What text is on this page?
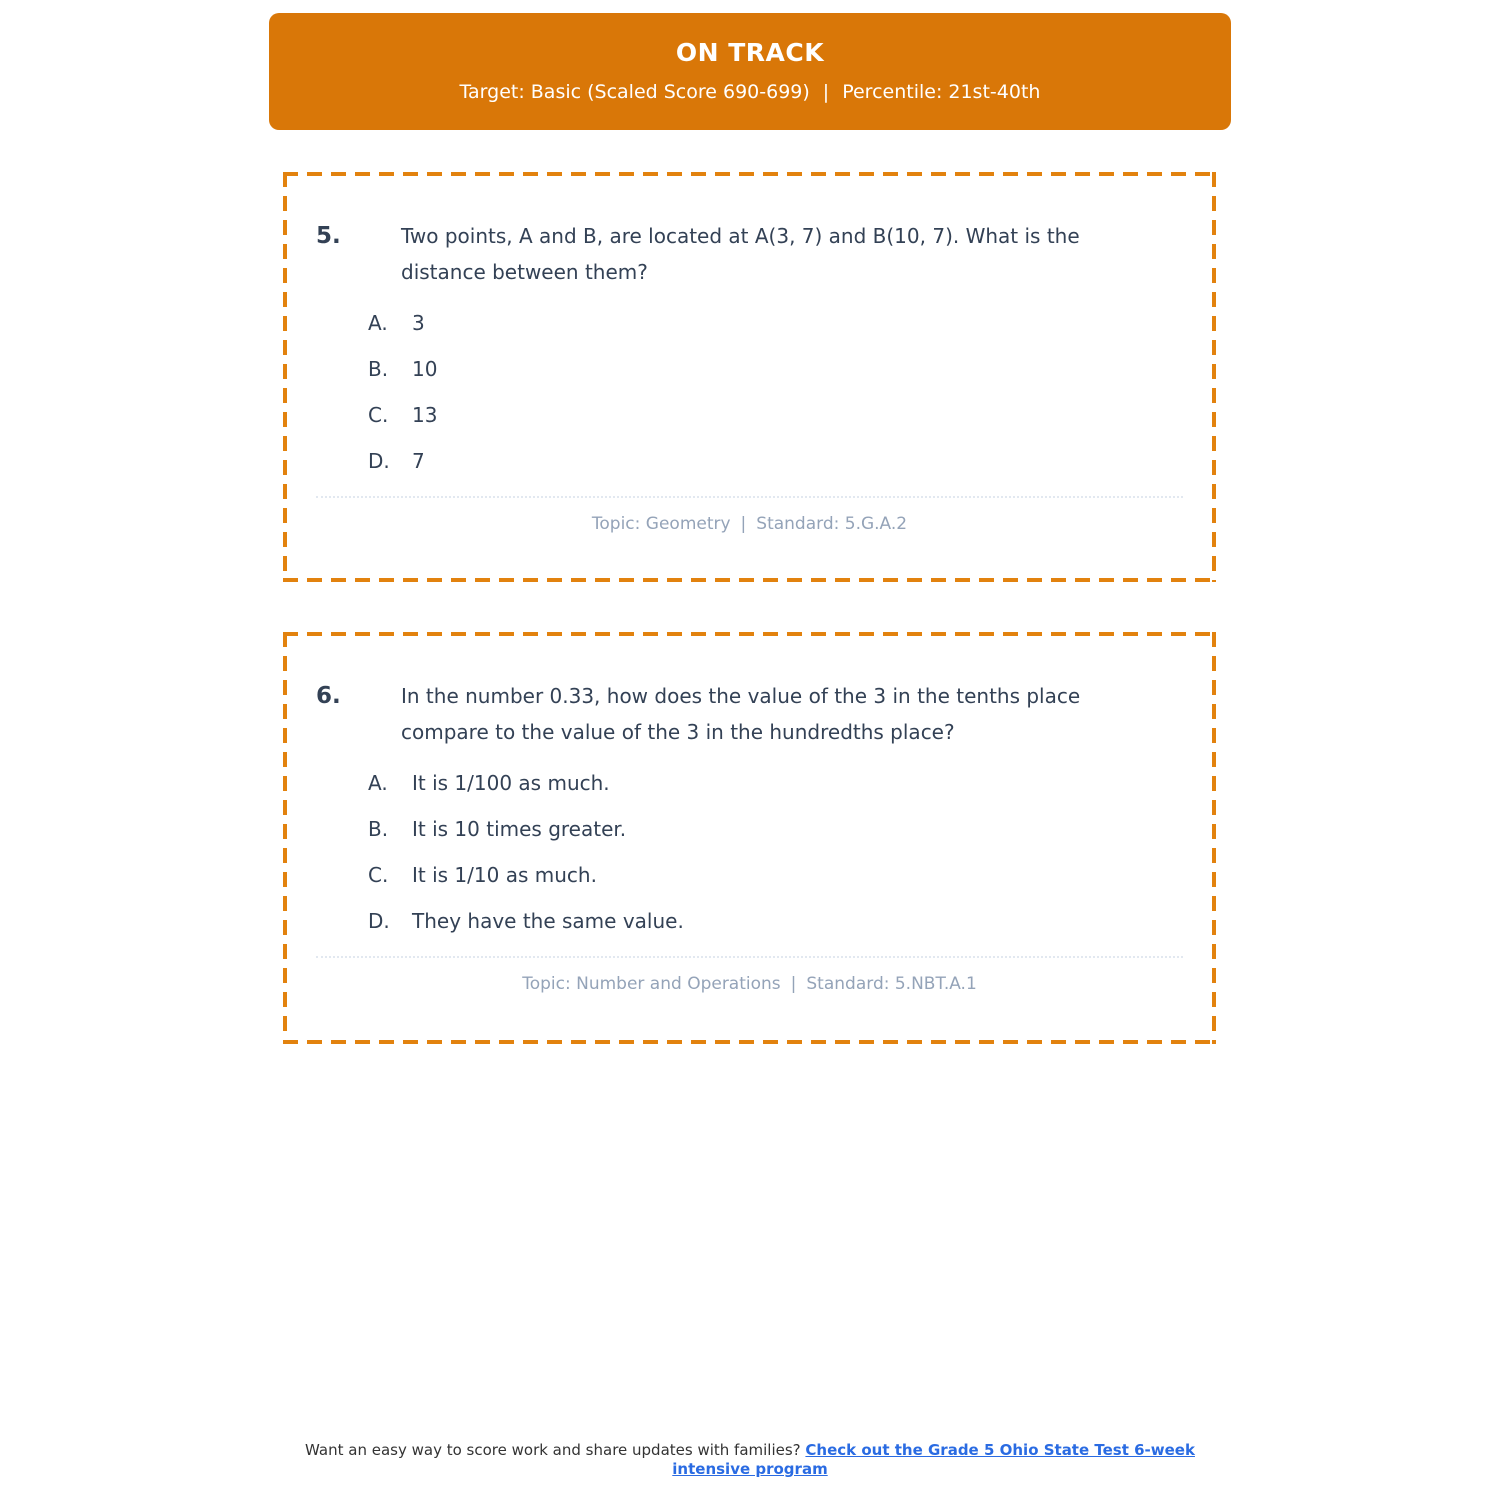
ON TRACK
Target: Basic (Scaled Score 690-699) | Percentile: 21st-40th
5.	Two points, A and B, are located at A(3, 7) and B(10, 7). What is the distance between them?
A.	3
B.	10
C.	13
D.	7
Topic: Geometry | Standard: 5.G.A.2
6.	In the number 0.33, how does the value of the 3 in the tenths place compare to the value of the 3 in the hundredths place?
A.	It is 1/100 as much.
B.	It is 10 times greater.
C.	It is 1/10 as much.
D.	They have the same value.
Topic: Number and Operations | Standard: 5.NBT.A.1
Want an easy way to score work and share updates with families? Check out the Grade 5 Ohio State Test 6-week intensive program
